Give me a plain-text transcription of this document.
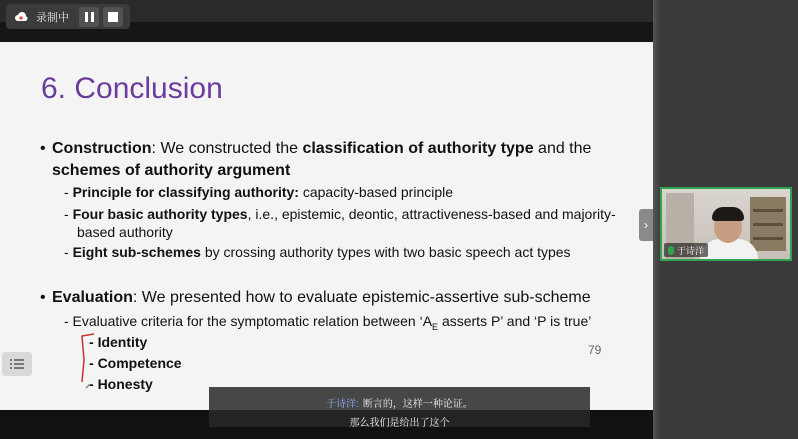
6. Conclusion
• Construction: We constructed the classification of authority type and the
schemes of authority argument
- Principle for classifying authority: capacity-based principle
- Four basic authority types, i.e., epistemic, deontic, attractiveness-based and majority-
based authority
- Eight sub-schemes by crossing authority types with two basic speech act types
• Evaluation: We presented how to evaluate epistemic-assertive sub-scheme
- Evaluative criteria for the symptomatic relation between ‘$A_E$ asserts P’ and ‘P is true’
- Identity
- Competence
- Honesty
79
于诗洋: 断言的，这样一种论证。
那么我们是给出了这个
录制中
›
于诗洋
